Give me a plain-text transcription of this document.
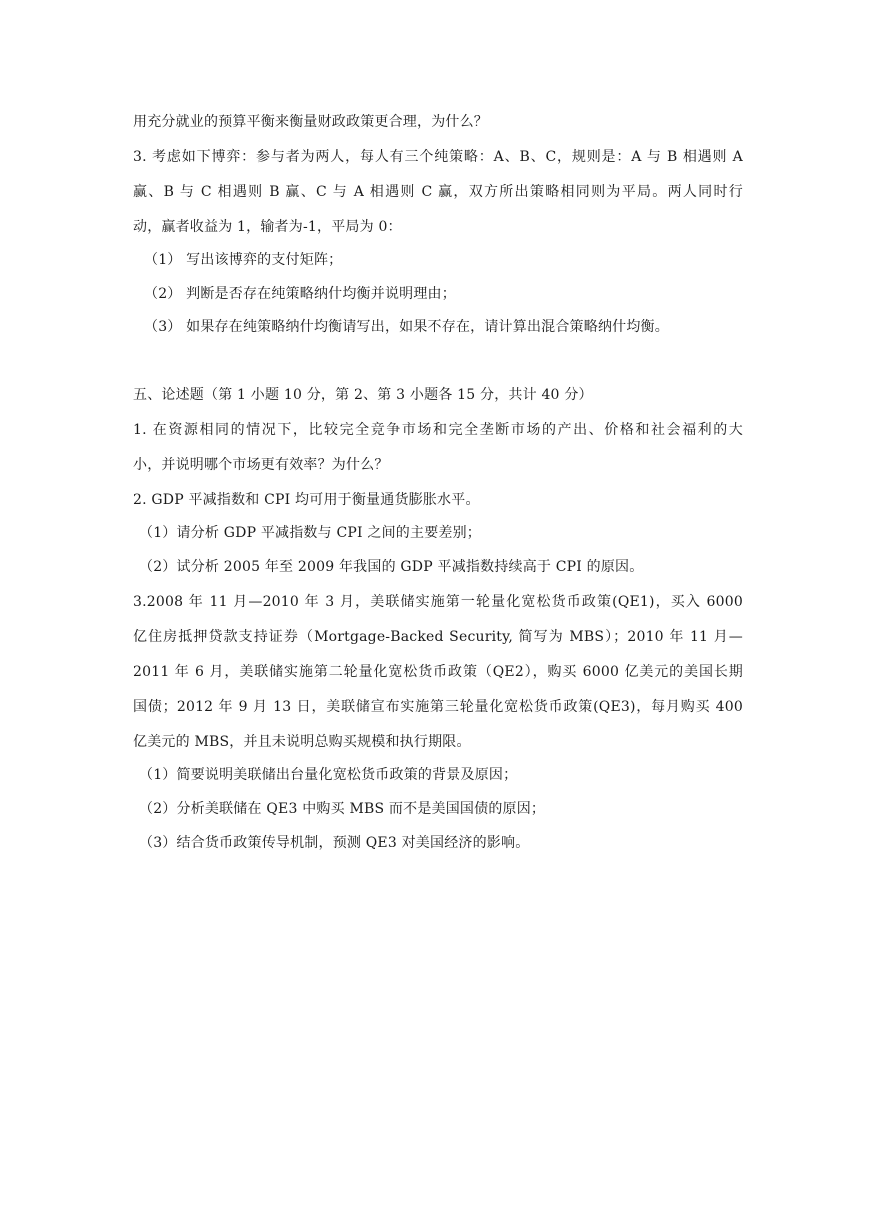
用充分就业的预算平衡来衡量财政政策更合理，为什么？
3. 考虑如下博弈：参与者为两人，每人有三个纯策略：A、B、C，规则是：A 与 B 相遇则 A
赢、B 与 C 相遇则 B 赢、C 与 A 相遇则 C 赢，双方所出策略相同则为平局。两人同时行
动，赢者收益为 1，输者为-1，平局为 0：
（1） 写出该博弈的支付矩阵；
（2） 判断是否存在纯策略纳什均衡并说明理由；
（3） 如果存在纯策略纳什均衡请写出，如果不存在，请计算出混合策略纳什均衡。
五、论述题（第 1 小题 10 分，第 2、第 3 小题各 15 分，共计 40 分）
1. 在资源相同的情况下，比较完全竞争市场和完全垄断市场的产出、价格和社会福利的大
小，并说明哪个市场更有效率？为什么？
2. GDP 平减指数和 CPI 均可用于衡量通货膨胀水平。
（1）请分析 GDP 平减指数与 CPI 之间的主要差别；
（2）试分析 2005 年至 2009 年我国的 GDP 平减指数持续高于 CPI 的原因。
3.2008 年 11 月—2010 年 3 月，美联储实施第一轮量化宽松货币政策(QE1)，买入 6000
亿住房抵押贷款支持证券（Mortgage-Backed Security, 简写为 MBS）；2010 年 11 月—
2011 年 6 月，美联储实施第二轮量化宽松货币政策（QE2），购买 6000 亿美元的美国长期
国债；2012 年 9 月 13 日，美联储宣布实施第三轮量化宽松货币政策(QE3)，每月购买 400
亿美元的 MBS，并且未说明总购买规模和执行期限。
（1）简要说明美联储出台量化宽松货币政策的背景及原因；
（2）分析美联储在 QE3 中购买 MBS 而不是美国国债的原因；
（3）结合货币政策传导机制，预测 QE3 对美国经济的影响。
